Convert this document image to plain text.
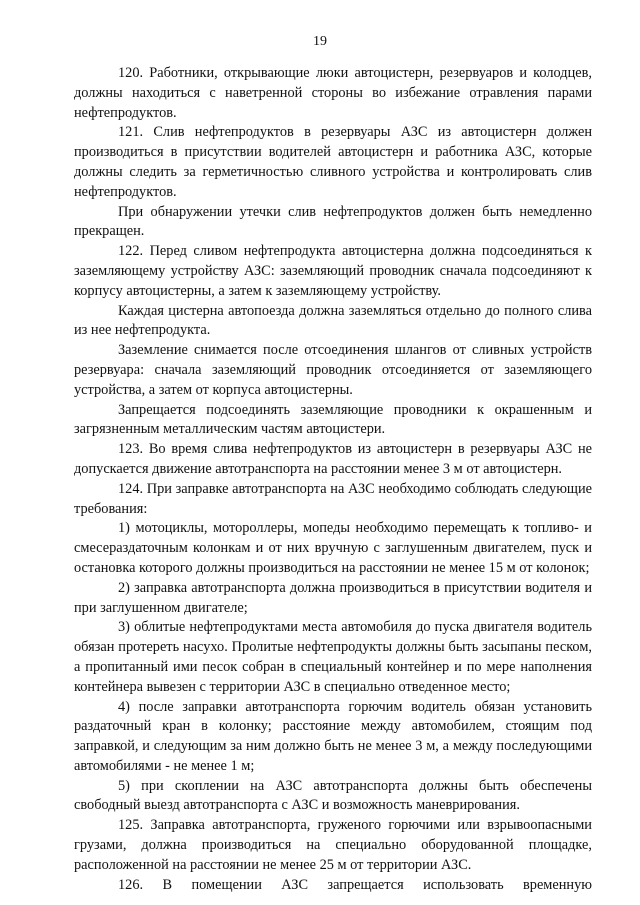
19

120. Работники, открывающие люки автоцистерн, резервуаров и колодцев, должны находиться с наветренной стороны во избежание отравления парами нефтепродуктов.

121. Слив нефтепродуктов в резервуары АЗС из автоцистерн должен производиться в присутствии водителей автоцистерн и работника АЗС, которые должны следить за герметичностью сливного устройства и контролировать слив нефтепродуктов.

При обнаружении утечки слив нефтепродуктов должен быть немедленно прекращен.

122. Перед сливом нефтепродукта автоцистерна должна подсоединяться к заземляющему устройству АЗС: заземляющий проводник сначала подсоединяют к корпусу автоцистерны, а затем к заземляющему устройству.

Каждая цистерна автопоезда должна заземляться отдельно до полного слива из нее нефтепродукта.

Заземление снимается после отсоединения шлангов от сливных устройств резервуара: сначала заземляющий проводник отсоединяется от заземляющего устройства, а затем от корпуса автоцистерны.

Запрещается подсоединять заземляющие проводники к окрашенным и загрязненным металлическим частям автоцистери.

123. Во время слива нефтепродуктов из автоцистерн в резервуары АЗС не допускается движение автотранспорта на расстоянии менее 3 м от автоцистерн.

124. При заправке автотранспорта на АЗС необходимо соблюдать следующие требования:

1) мотоциклы, мотороллеры, мопеды необходимо перемещать к топливо- и смесераздаточным колонкам и от них вручную с заглушенным двигателем, пуск и остановка которого должны производиться на расстоянии не менее 15 м от колонок;

2) заправка автотранспорта должна производиться в присутствии водителя и при заглушенном двигателе;

3) облитые нефтепродуктами места автомобиля до пуска двигателя водитель обязан протереть насухо. Пролитые нефтепродукты должны быть засыпаны песком, а пропитанный ими песок собран в специальный контейнер и по мере наполнения контейнера вывезен с территории АЗС в специально отведенное место;

4) после заправки автотранспорта горючим водитель обязан установить раздаточный кран в колонку; расстояние между автомобилем, стоящим под заправкой, и следующим за ним должно быть не менее 3 м, а между последующими автомобилями - не менее 1 м;

5) при скоплении на АЗС автотранспорта должны быть обеспечены свободный выезд автотранспорта с АЗС и возможность маневрирования.

125. Заправка автотранспорта, груженого горючими или взрывоопасными грузами, должна производиться на специально оборудованной площадке, расположенной на расстоянии не менее 25 м от территории АЗС.

126. В помещении АЗС запрещается использовать временную
